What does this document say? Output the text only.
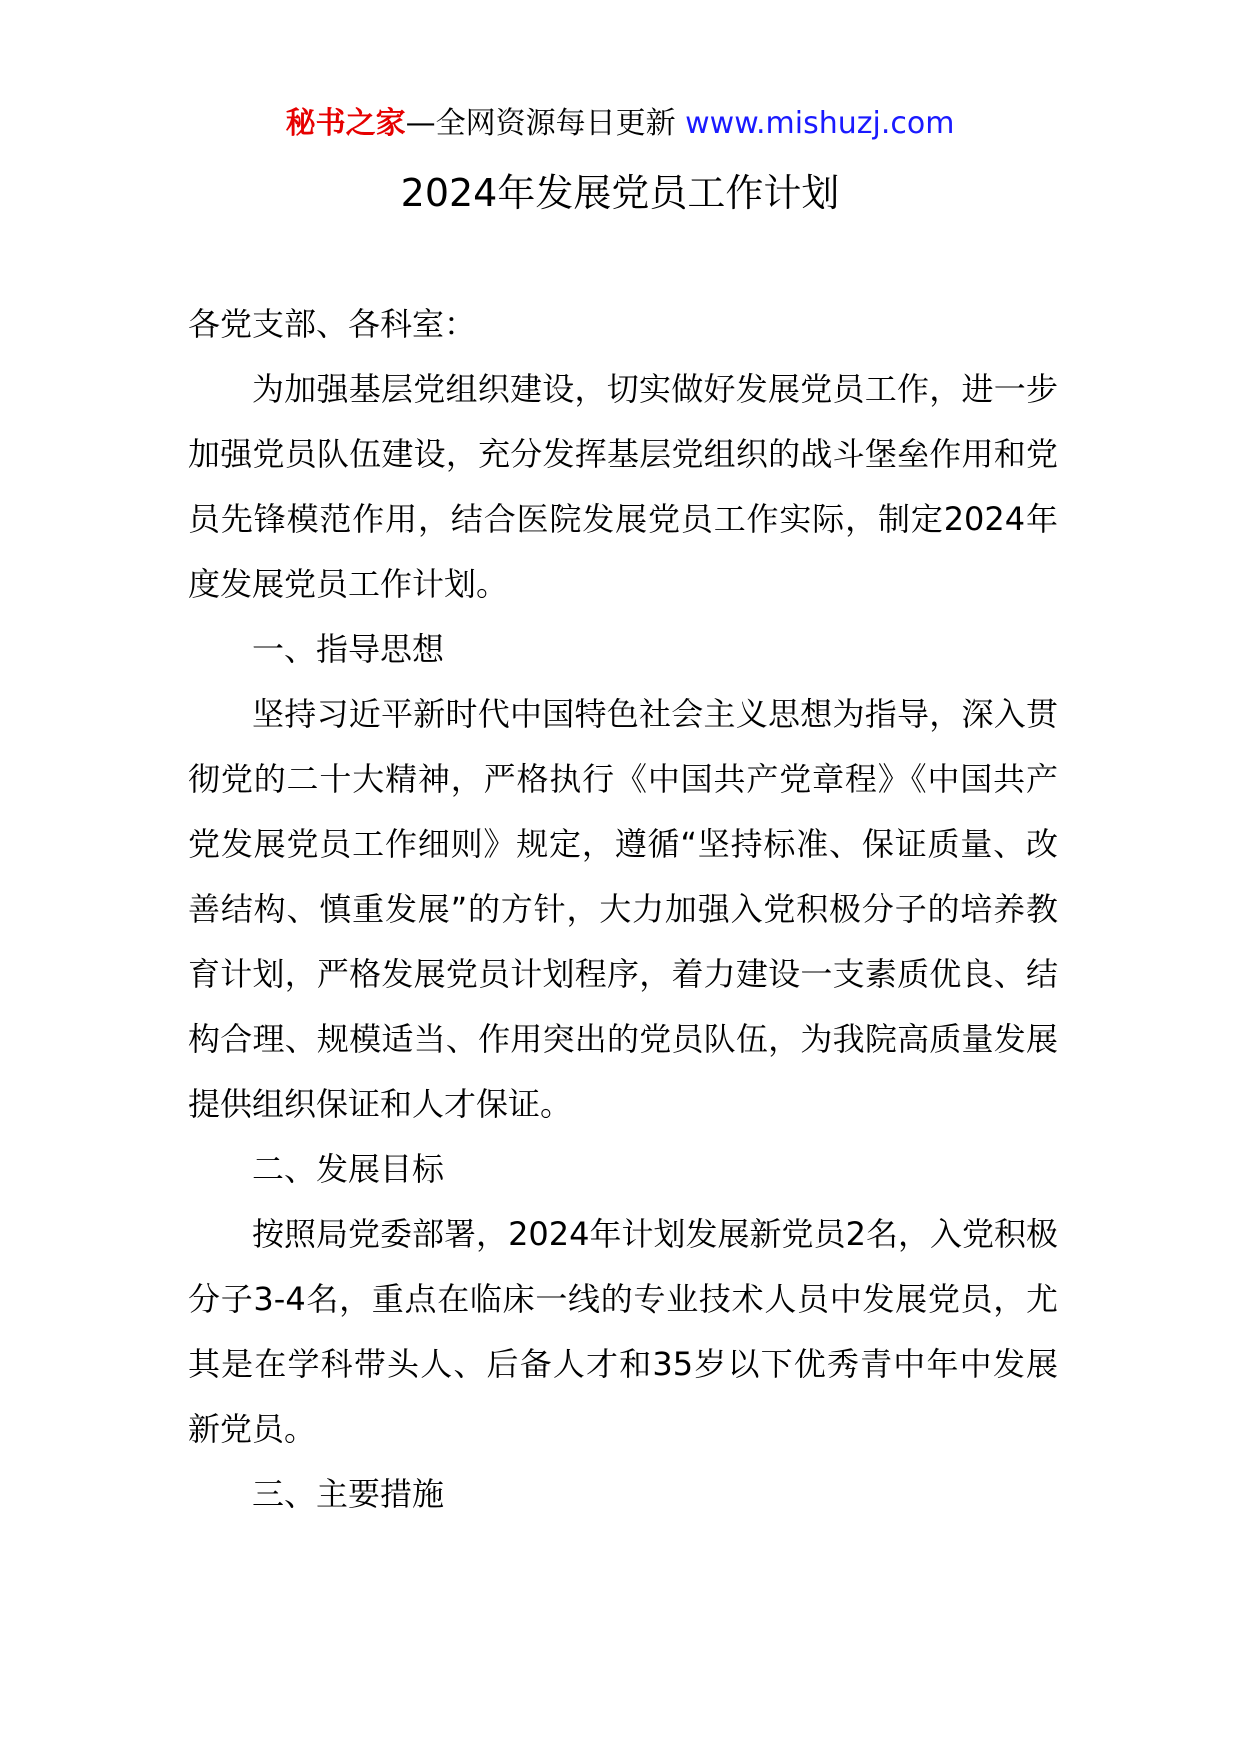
秘书之家—全网资源每日更新 www.mishuzj.com
2024年发展党员工作计划

各党支部、各科室：

为加强基层党组织建设，切实做好发展党员工作，进一步加强党员队伍建设，充分发挥基层党组织的战斗堡垒作用和党员先锋模范作用，结合医院发展党员工作实际，制定2024年度发展党员工作计划。

一、指导思想

坚持习近平新时代中国特色社会主义思想为指导，深入贯彻党的二十大精神，严格执行《中国共产党章程》《中国共产党发展党员工作细则》规定，遵循“坚持标准、保证质量、改善结构、慎重发展”的方针，大力加强入党积极分子的培养教育计划，严格发展党员计划程序，着力建设一支素质优良、结构合理、规模适当、作用突出的党员队伍，为我院高质量发展提供组织保证和人才保证。

二、发展目标

按照局党委部署，2024年计划发展新党员2名，入党积极分子3-4名，重点在临床一线的专业技术人员中发展党员，尤其是在学科带头人、后备人才和35岁以下优秀青中年中发展新党员。

三、主要措施
